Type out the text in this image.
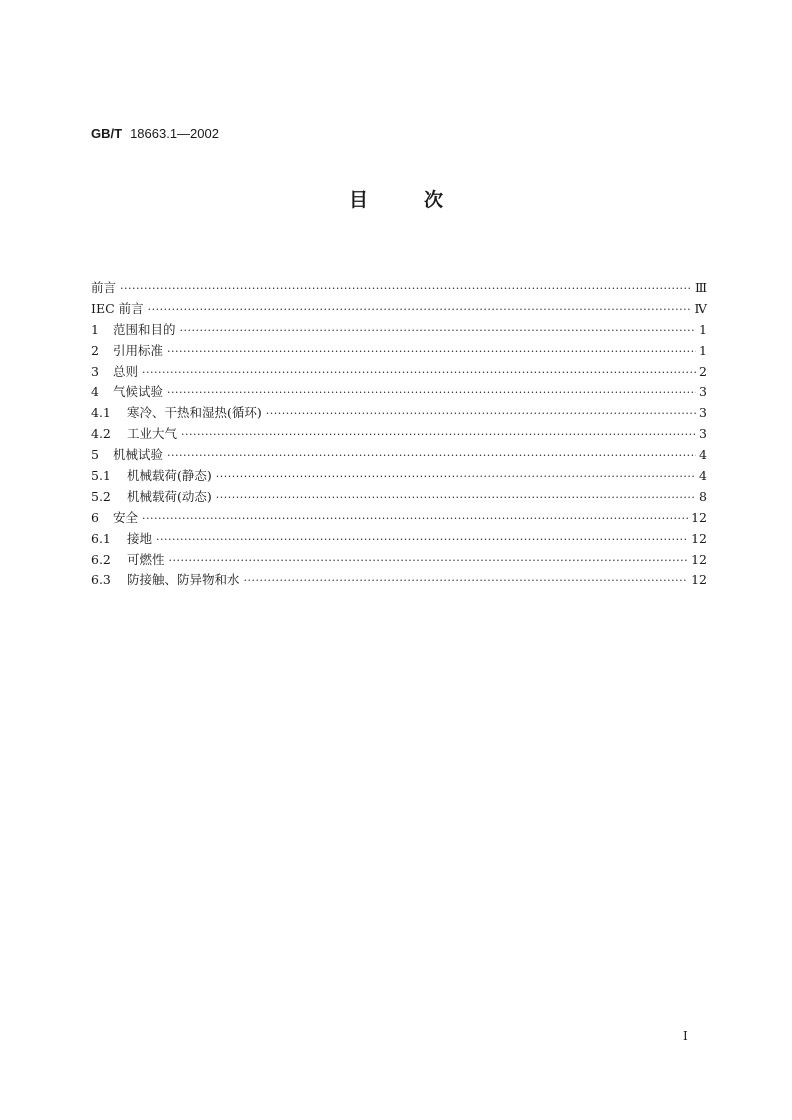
GB/T 18663.1—2002
目	次
前言 ·····	Ⅲ
IEC 前言 ·····	Ⅳ
1	范围和目的 ·····	1
2	引用标准 ·····	1
3	总则 ·····	2
4	气候试验 ·····	3
4.1	寒冷、干热和湿热(循环) ·····	3
4.2	工业大气 ·····	3
5	机械试验 ·····	4
5.1	机械载荷(静态) ·····	4
5.2	机械载荷(动态) ·····	8
6	安全 ·····	12
6.1	接地 ·····	12
6.2	可燃性 ·····	12
6.3	防接触、防异物和水 ·····	12
I
